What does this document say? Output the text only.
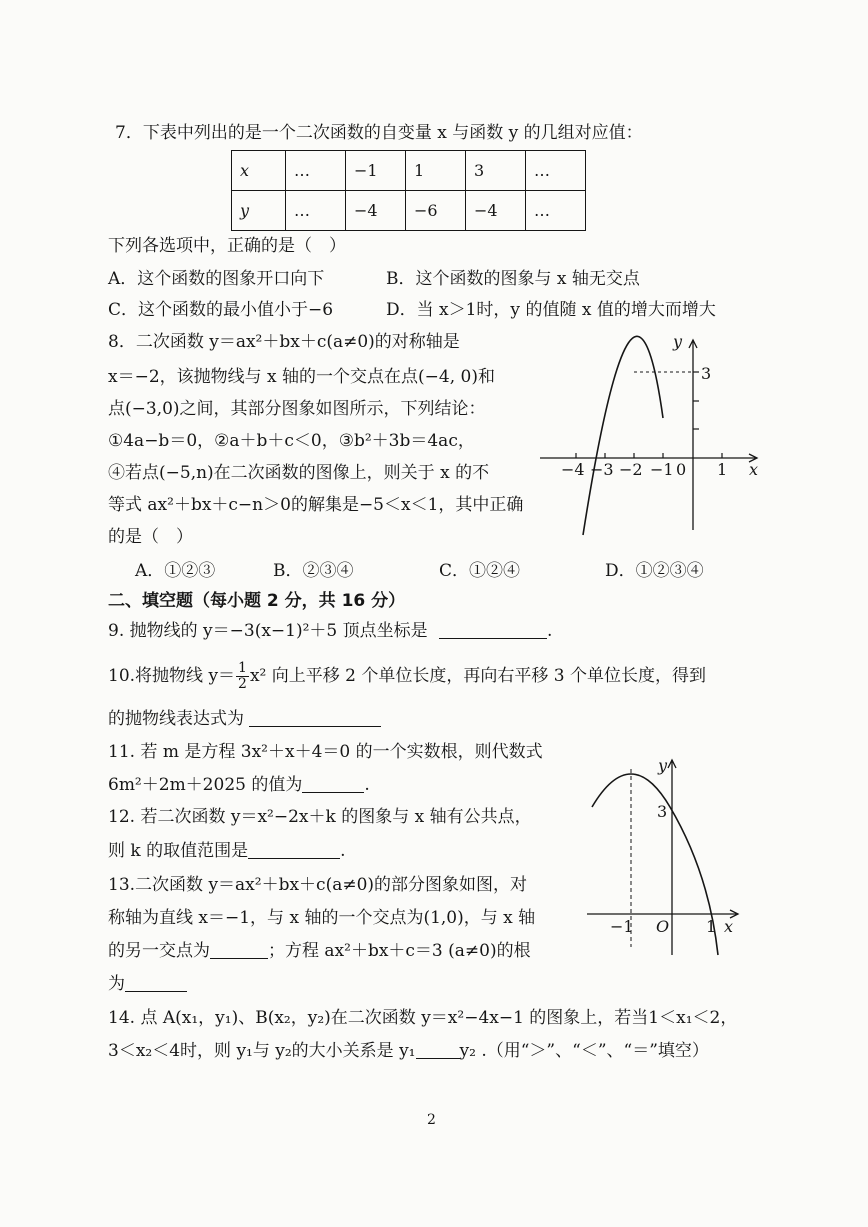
7．下表中列出的是一个二次函数的自变量 x 与函数 y 的几组对应值：
x	…	−1	1	3	…
y	…	−4	−6	−4	…
下列各选项中，正确的是（　）
A．这个函数的图象开口向下	B．这个函数的图象与 x 轴无交点
C．这个函数的最小值小于−6	D．当 x＞1时，y 的值随 x 值的增大而增大
8．二次函数 y＝ax²＋bx＋c(a≠0)的对称轴是
x＝−2，该抛物线与 x 轴的一个交点在点(−4, 0)和
点(−3,0)之间，其部分图象如图所示，下列结论：
①4a−b＝0，②a＋b＋c＜0，③b²＋3b＝4ac，
④若点(−5,n)在二次函数的图像上，则关于 x 的不
等式 ax²＋bx＋c−n＞0的解集是−5＜x＜1，其中正确
的是（　）
A．①②③	B．②③④	C．①②④	D．①②③④
y
x
3
−4 −3 −2 −1 0 1
二、填空题（每小题 2 分，共 16 分）
9. 抛物线的 y＝−3(x−1)²＋5 顶点坐标是	.
10.将抛物线 $y= \frac{1}{2} x^2$ 向上平移 2 个单位长度，再向右平移 3 个单位长度，得到
的抛物线表达式为
11. 若 m 是方程 3x²＋x＋4＝0 的一个实数根，则代数式
6m²＋2m＋2025 的值为	.
12. 若二次函数 y＝x²−2x＋k 的图象与 x 轴有公共点，
则 k 的取值范围是	.
13.二次函数 y＝ax²＋bx＋c(a≠0)的部分图象如图，对
称轴为直线 x＝−1，与 x 轴的一个交点为(1,0)，与 x 轴
的另一交点为	；方程 ax²＋bx＋c＝3 (a≠0)的根
为
y
3
O
−1	1 x
14. 点 A(x₁，y₁)、B(x₂，y₂)在二次函数 y＝x²−4x−1 的图象上，若当1＜x₁＜2，
3＜x₂＜4时，则 y₁与 y₂的大小关系是 y₁	y₂ .（用“＞”、“＜”、“＝”填空）
2
